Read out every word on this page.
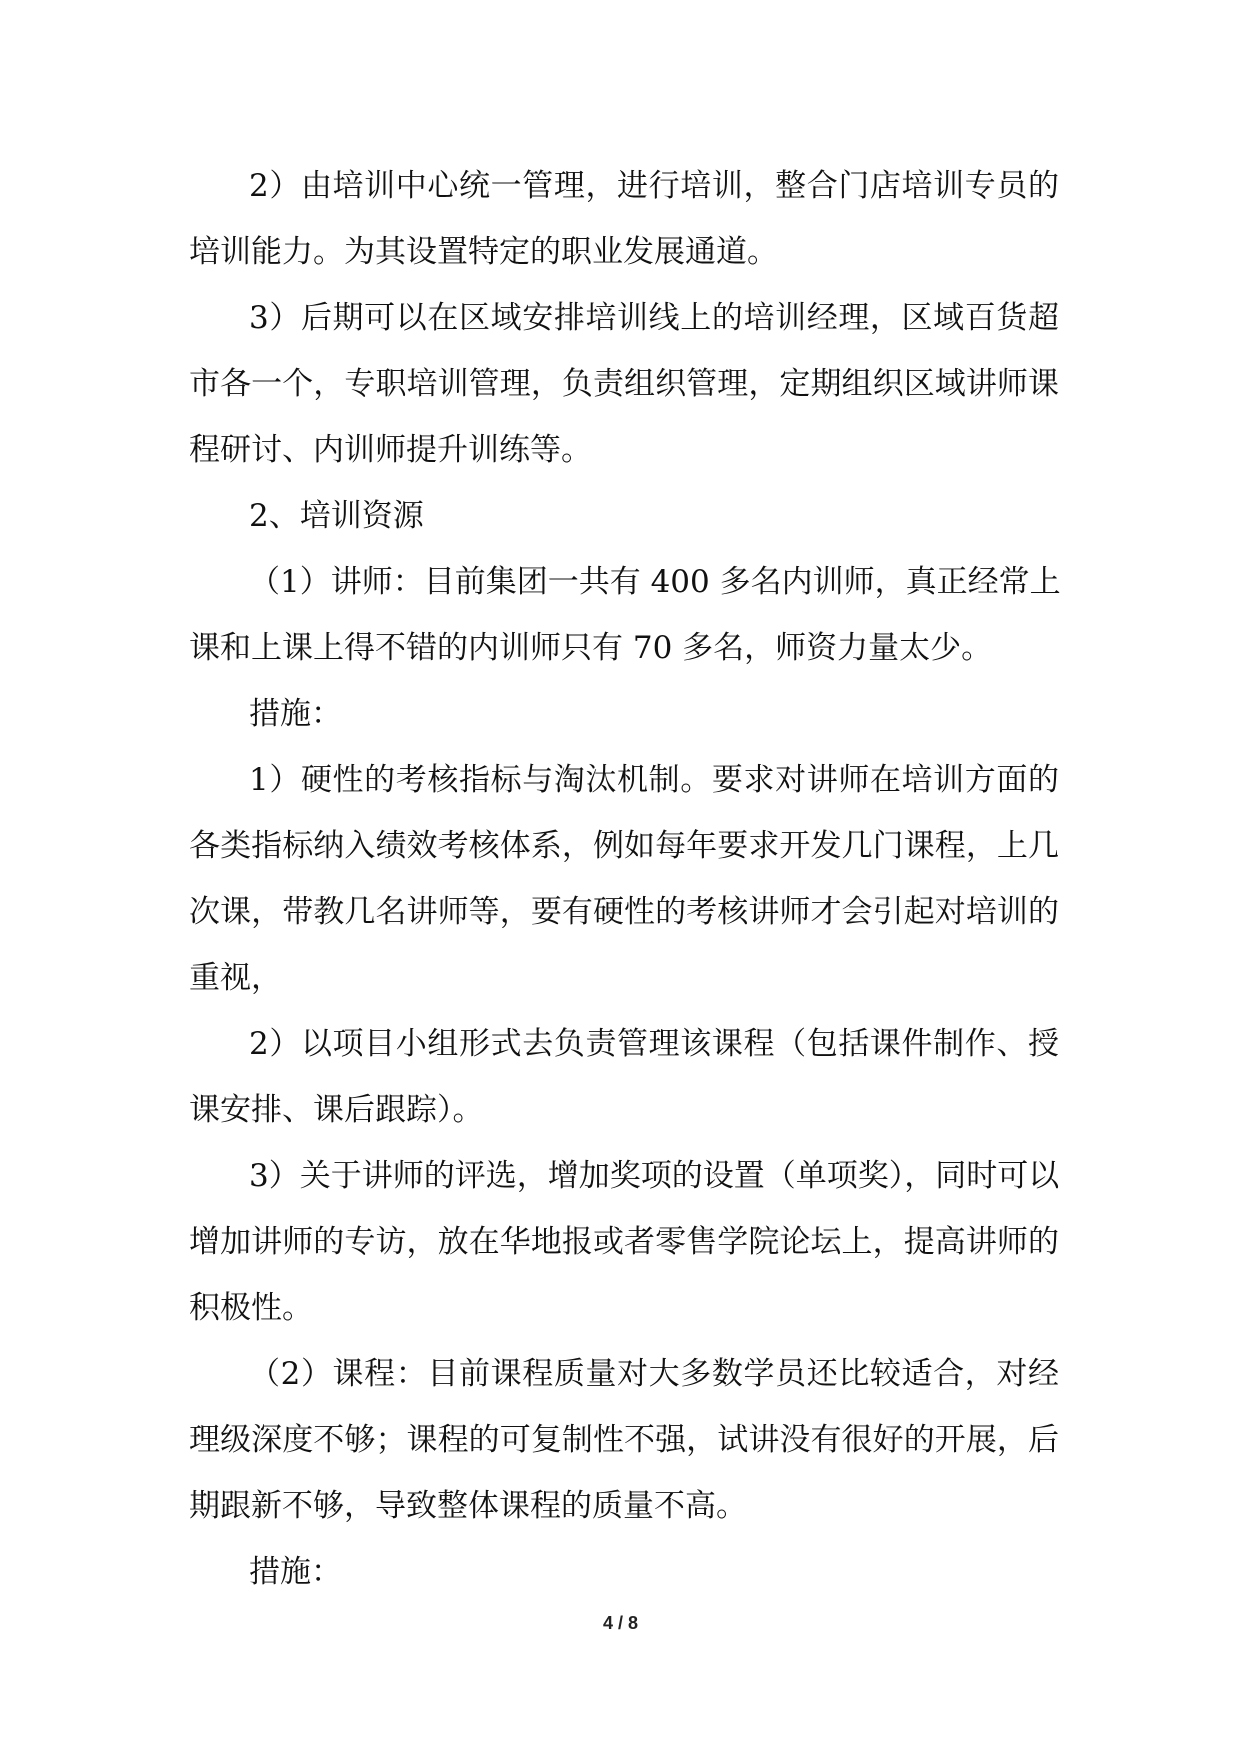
2）由培训中心统一管理，进行培训，整合门店培训专员的

培训能力。为其设置特定的职业发展通道。

3）后期可以在区域安排培训线上的培训经理，区域百货超

市各一个，专职培训管理，负责组织管理，定期组织区域讲师课

程研讨、内训师提升训练等。

2、培训资源

（1）讲师：目前集团一共有 400 多名内训师，真正经常上

课和上课上得不错的内训师只有 70 多名，师资力量太少。

措施：

1）硬性的考核指标与淘汰机制。要求对讲师在培训方面的

各类指标纳入绩效考核体系，例如每年要求开发几门课程，上几

次课，带教几名讲师等，要有硬性的考核讲师才会引起对培训的

重视，

2）以项目小组形式去负责管理该课程（包括课件制作、授

课安排、课后跟踪）。

3）关于讲师的评选，增加奖项的设置（单项奖），同时可以

增加讲师的专访，放在华地报或者零售学院论坛上，提高讲师的

积极性。

（2）课程：目前课程质量对大多数学员还比较适合，对经

理级深度不够；课程的可复制性不强，试讲没有很好的开展，后

期跟新不够，导致整体课程的质量不高。

措施：

4 / 8
